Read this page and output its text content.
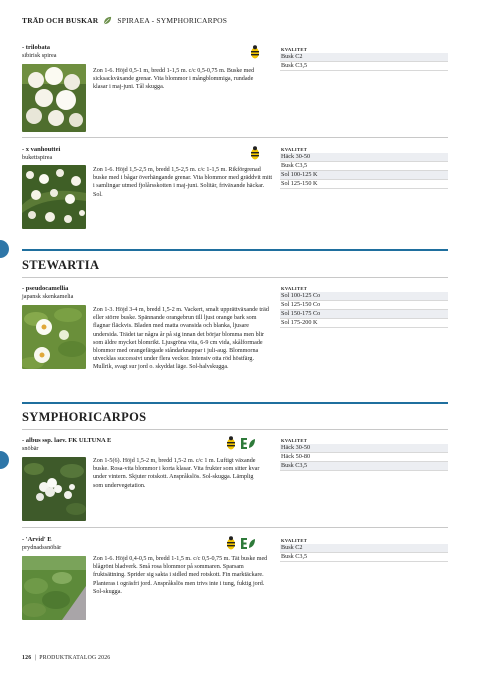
TRÄD OCH BUSKAR	SPIRAEA - SYMPHORICARPOS
- trilobata
sibirisk spirea
Zon 1-6. Höjd 0,5-1 m, bredd 1-1,5 m. c/c 0,5-0,75 m. Buske med sicksackväxande grenar. Vita blommor i mångblommiga, rundade klasar i maj-juni. Tål skugga.
KVALITET
Busk C2
Busk C3,5
- x vanhouttei
bukettspirea
Zon 1-6. Höjd 1,5-2,5 m, bredd 1,5-2,5 m. c/c 1-1,5 m. Rikförgrenad buske med i bågar överhängande grenar. Vita blommor med gräddvit mitt i samlingar utmed fjolårsskotten i maj-juni. Solitär, friväxande häckar. Sol.
KVALITET
Häck 30-50
Busk C3,5
Sol 100-125 K
Sol 125-150 K
STEWARTIA
- pseudocamellia
japansk skenkamelia
Zon 1-3. Höjd 3-4 m, bredd 1,5-2 m. Vackert, smalt upprättväxande träd eller större buske. Spännande orangebrun till ljust orange bark som flagnar fläckvis. Bladen med matta ovansida och blanka, ljusare undersida. Trädet tar några år på sig innan det börjar blomma men blir som äldre mycket blomrikt. Ljusgröna vita, 6-9 cm vida, skålformade blommor med orangefärgade ståndarknappar i juli-aug. Blommorna utvecklas successivt under flera veckor. Intensiv otta röd höstfärg. Mullrik, svagt sur jord o. skyddat läge. Sol-halvskugga.
KVALITET
Sol 100-125 Co
Sol 125-150 Co
Sol 150-175 Co
Sol 175-200 K
SYMPHORICARPOS
- albus ssp. laev. FK ULTUNA E
snöbär
Zon 1-5(6). Höjd 1,5-2 m, bredd 1,5-2 m. c/c 1 m. Luftigt växande buske. Rosa-vita blommor i korta klasar. Vita frukter som sitter kvar under vintern. Skjuter rotskott. Anspråkslös. Sol-skugga. Lämplig som undervegetation.
KVALITET
Häck 30-50
Häck 50-80
Busk C3,5
- 'Arvid' E
prydnadssnöbär
Zon 1-6. Höjd 0,4-0,5 m, bredd 1-1,5 m. c/c 0,5-0,75 m. Tät buske med blågrönt bladverk. Små rosa blommor på sommaren. Sparsam fruktsättning. Sprider sig sakta i sidled med rotskott. Fin marktäckare. Planteras i ogräsfri jord. Anspråkslös men trivs inte i tung, fuktig jord. Sol-skugga.
KVALITET
Busk C2
Busk C3,5
126  |  PRODUKTKATALOG 2026
